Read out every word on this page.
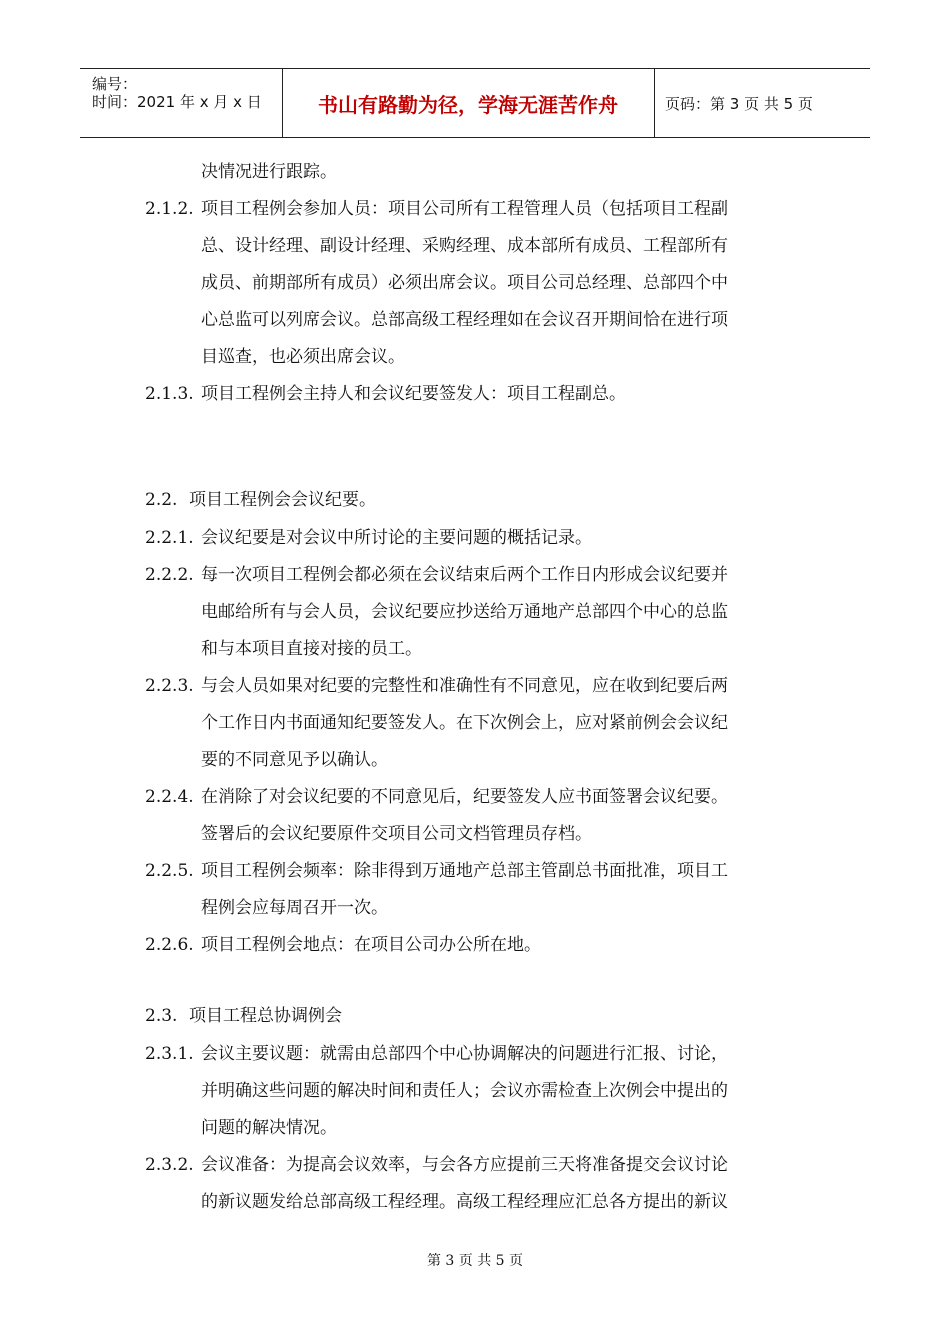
编号：
时间：2021 年 x 月 x 日	书山有路勤为径，学海无涯苦作舟	页码：第 3 页 共 5 页
决情况进行跟踪。
2.1.2. 项目工程例会参加人员：项目公司所有工程管理人员（包括项目工程副
总、设计经理、副设计经理、采购经理、成本部所有成员、工程部所有
成员、前期部所有成员）必须出席会议。项目公司总经理、总部四个中
心总监可以列席会议。总部高级工程经理如在会议召开期间恰在进行项
目巡查，也必须出席会议。
2.1.3. 项目工程例会主持人和会议纪要签发人：项目工程副总。
2.2. 项目工程例会会议纪要。
2.2.1. 会议纪要是对会议中所讨论的主要问题的概括记录。
2.2.2. 每一次项目工程例会都必须在会议结束后两个工作日内形成会议纪要并
电邮给所有与会人员，会议纪要应抄送给万通地产总部四个中心的总监
和与本项目直接对接的员工。
2.2.3. 与会人员如果对纪要的完整性和准确性有不同意见，应在收到纪要后两
个工作日内书面通知纪要签发人。在下次例会上，应对紧前例会会议纪
要的不同意见予以确认。
2.2.4. 在消除了对会议纪要的不同意见后，纪要签发人应书面签署会议纪要。
签署后的会议纪要原件交项目公司文档管理员存档。
2.2.5. 项目工程例会频率：除非得到万通地产总部主管副总书面批准，项目工
程例会应每周召开一次。
2.2.6. 项目工程例会地点：在项目公司办公所在地。
2.3. 项目工程总协调例会
2.3.1. 会议主要议题：就需由总部四个中心协调解决的问题进行汇报、讨论，
并明确这些问题的解决时间和责任人；会议亦需检查上次例会中提出的
问题的解决情况。
2.3.2. 会议准备：为提高会议效率，与会各方应提前三天将准备提交会议讨论
的新议题发给总部高级工程经理。高级工程经理应汇总各方提出的新议
第 3 页 共 5 页
